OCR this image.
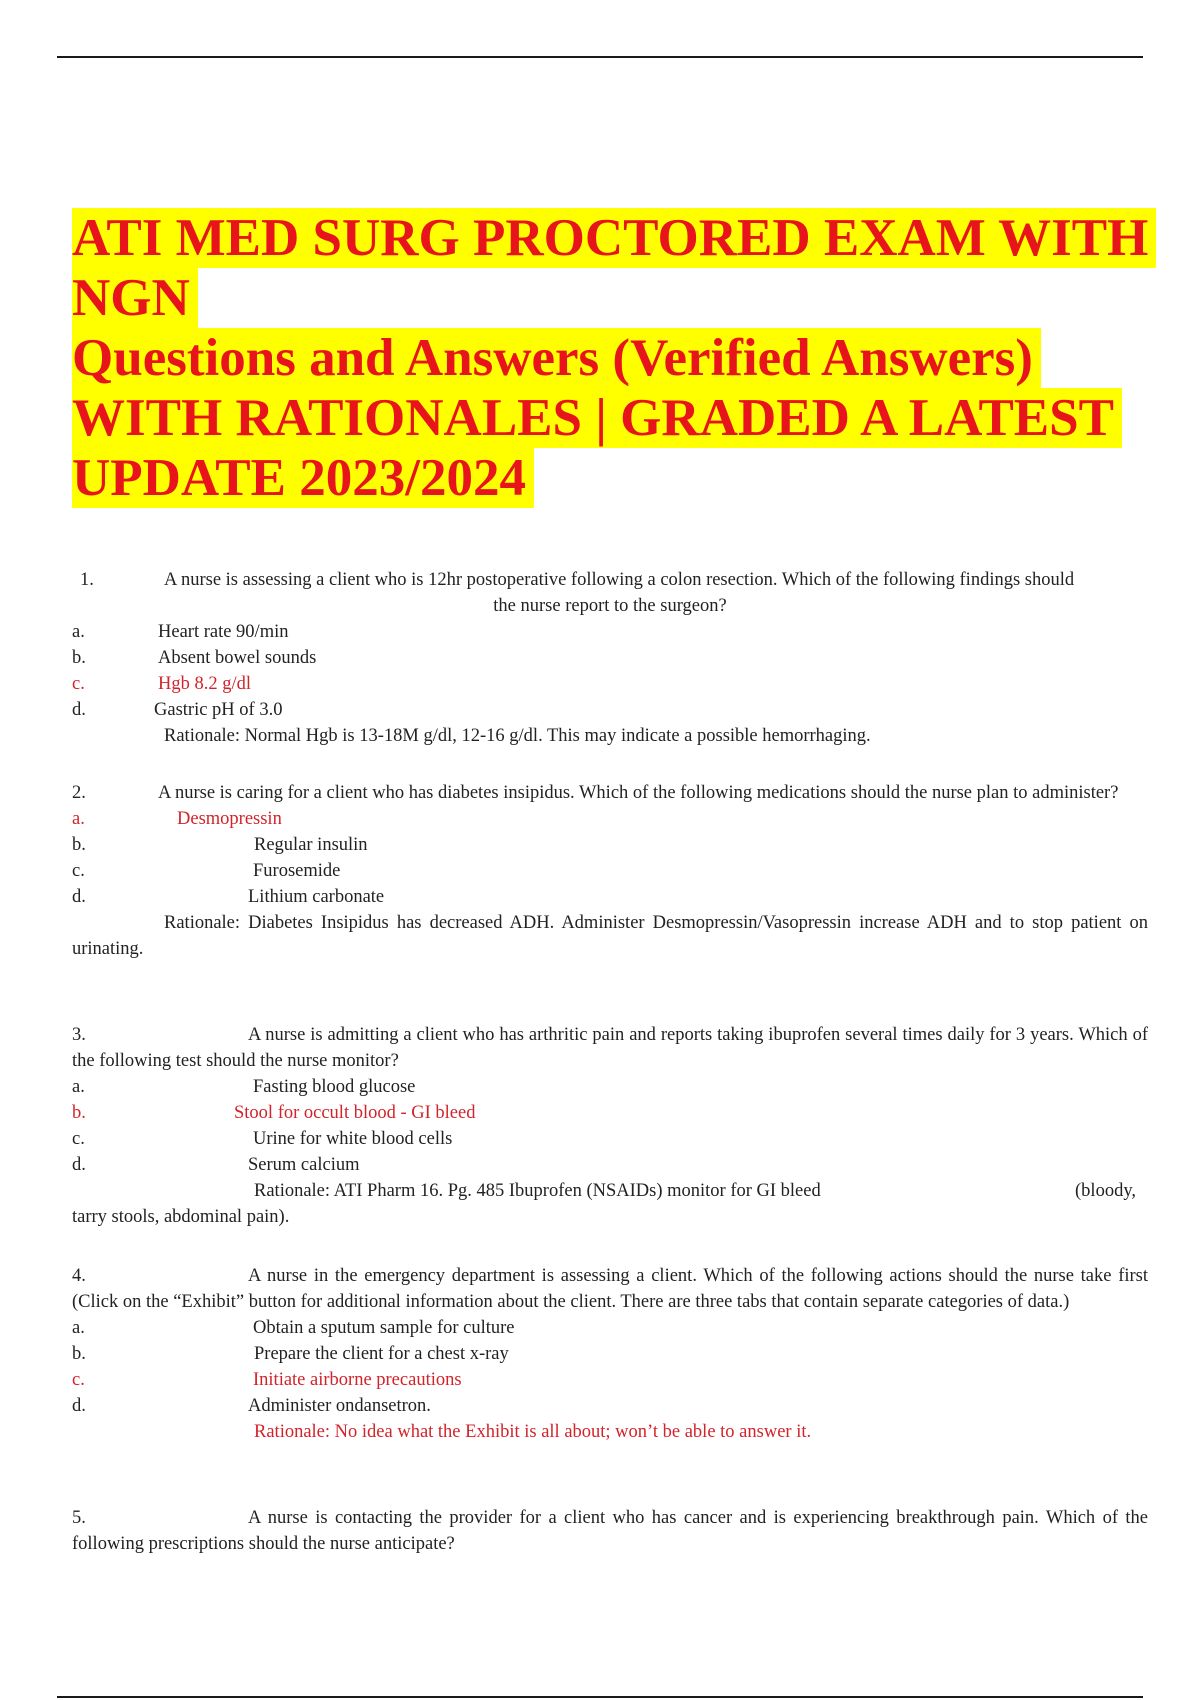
ATI MED SURG PROCTORED EXAM WITH
NGN
Questions and Answers (Verified Answers)
WITH RATIONALES | GRADED A LATEST
UPDATE 2023/2024
1.	A nurse is assessing a client who is 12hr postoperative following a colon resection. Which of the following findings should
the nurse report to the surgeon?
a.	Heart rate 90/min
b.	Absent bowel sounds
c.	Hgb 8.2 g/dl
d.	Gastric pH of 3.0
Rationale: Normal Hgb is 13-18M g/dl, 12-16 g/dl. This may indicate a possible hemorrhaging.
2.	A nurse is caring for a client who has diabetes insipidus. Which of the following medications should the nurse plan to administer?
a.	Desmopressin
b.	Regular insulin
c.	Furosemide
d.	Lithium carbonate
Rationale: Diabetes Insipidus has decreased ADH. Administer Desmopressin/Vasopressin increase ADH and to stop patient on urinating.
3.	A nurse is admitting a client who has arthritic pain and reports taking ibuprofen several times daily for 3 years. Which of the following test should the nurse monitor?
a.	Fasting blood glucose
b.	Stool for occult blood - GI bleed
c.	Urine for white blood cells
d.	Serum calcium
Rationale: ATI Pharm 16. Pg. 485 Ibuprofen (NSAIDs) monitor for GI bleed	(bloody,
tarry stools, abdominal pain).
4.	A nurse in the emergency department is assessing a client. Which of the following actions should the nurse take first (Click on the “Exhibit” button for additional information about the client. There are three tabs that contain separate categories of data.)
a.	Obtain a sputum sample for culture
b.	Prepare the client for a chest x-ray
c.	Initiate airborne precautions
d.	Administer ondansetron.
Rationale: No idea what the Exhibit is all about; won’t be able to answer it.
5.	A nurse is contacting the provider for a client who has cancer and is experiencing breakthrough pain. Which of the following prescriptions should the nurse anticipate?
